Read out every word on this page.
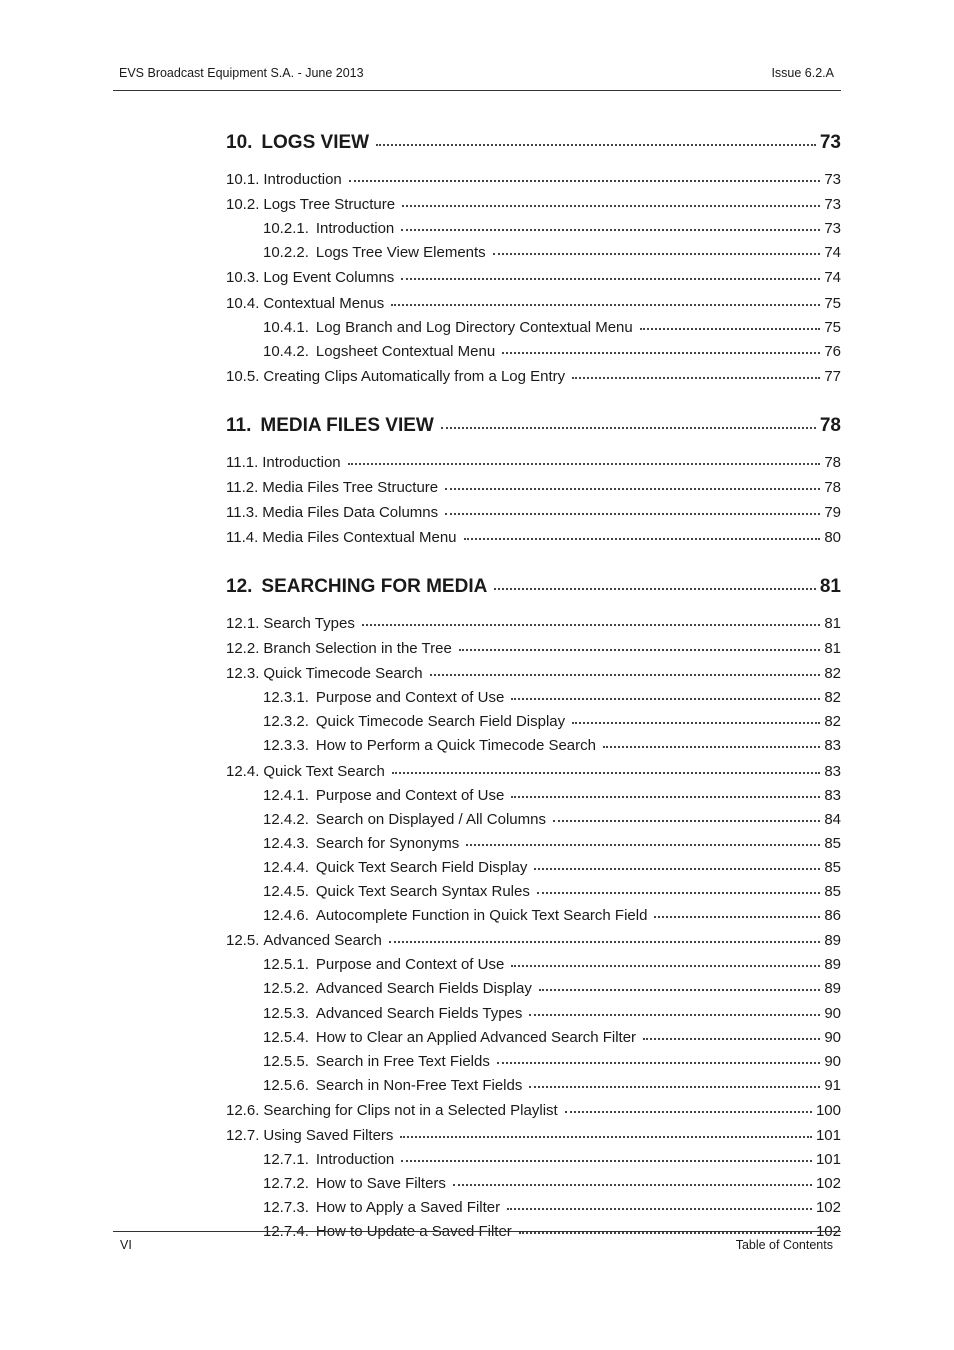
EVS Broadcast Equipment S.A. - June 2013	Issue 6.2.A
10. LOGS VIEW	73
10.1. Introduction	73
10.2. Logs Tree Structure	73
10.2.1. Introduction	73
10.2.2. Logs Tree View Elements	74
10.3. Log Event Columns	74
10.4. Contextual Menus	75
10.4.1. Log Branch and Log Directory Contextual Menu	75
10.4.2. Logsheet Contextual Menu	76
10.5. Creating Clips Automatically from a Log Entry	77
11. MEDIA FILES VIEW	78
11.1. Introduction	78
11.2. Media Files Tree Structure	78
11.3. Media Files Data Columns	79
11.4. Media Files Contextual Menu	80
12. SEARCHING FOR MEDIA	81
12.1. Search Types	81
12.2. Branch Selection in the Tree	81
12.3. Quick Timecode Search	82
12.3.1. Purpose and Context of Use	82
12.3.2. Quick Timecode Search Field Display	82
12.3.3. How to Perform a Quick Timecode Search	83
12.4. Quick Text Search	83
12.4.1. Purpose and Context of Use	83
12.4.2. Search on Displayed / All Columns	84
12.4.3. Search for Synonyms	85
12.4.4. Quick Text Search Field Display	85
12.4.5. Quick Text Search Syntax Rules	85
12.4.6. Autocomplete Function in Quick Text Search Field	86
12.5. Advanced Search	89
12.5.1. Purpose and Context of Use	89
12.5.2. Advanced Search Fields Display	89
12.5.3. Advanced Search Fields Types	90
12.5.4. How to Clear an Applied Advanced Search Filter	90
12.5.5. Search in Free Text Fields	90
12.5.6. Search in Non-Free Text Fields	91
12.6. Searching for Clips not in a Selected Playlist	100
12.7. Using Saved Filters	101
12.7.1. Introduction	101
12.7.2. How to Save Filters	102
12.7.3. How to Apply a Saved Filter	102
12.7.4. How to Update a Saved Filter	102
VI	Table of Contents
